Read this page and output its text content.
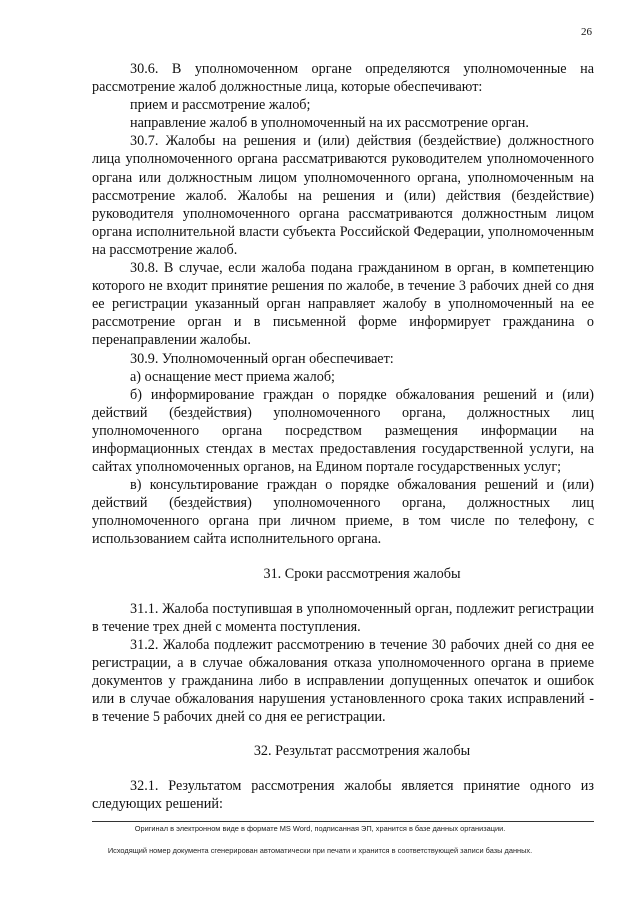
26

30.6. В уполномоченном органе определяются уполномоченные на рассмотрение жалоб должностные лица, которые обеспечивают:

прием и рассмотрение жалоб;

направление жалоб в уполномоченный на их рассмотрение орган.

30.7. Жалобы на решения и (или) действия (бездействие) должностного лица уполномоченного органа рассматриваются руководителем уполномоченного органа или должностным лицом уполномоченного органа, уполномоченным на рассмотрение жалоб. Жалобы на решения и (или) действия (бездействие) руководителя уполномоченного органа рассматриваются должностным лицом органа исполнительной власти субъекта Российской Федерации, уполномоченным на рассмотрение жалоб.

30.8. В случае, если жалоба подана гражданином в орган, в компетенцию которого не входит принятие решения по жалобе, в течение 3 рабочих дней со дня ее регистрации указанный орган направляет жалобу в уполномоченный на ее рассмотрение орган и в письменной форме информирует гражданина о перенаправлении жалобы.

30.9. Уполномоченный орган обеспечивает:

а) оснащение мест приема жалоб;

б) информирование граждан о порядке обжалования решений и (или) действий (бездействия) уполномоченного органа, должностных лиц уполномоченного органа посредством размещения информации на информационных стендах в местах предоставления государственной услуги, на сайтах уполномоченных органов, на Едином портале государственных услуг;

в) консультирование граждан о порядке обжалования решений и (или) действий (бездействия) уполномоченного органа, должностных лиц уполномоченного органа при личном приеме, в том числе по телефону, с использованием сайта исполнительного органа.

31. Сроки рассмотрения жалобы

31.1. Жалоба поступившая в уполномоченный орган, подлежит регистрации в течение трех дней с момента поступления.

31.2. Жалоба подлежит рассмотрению в течение 30 рабочих дней со дня ее регистрации, а в случае обжалования отказа уполномоченного органа в приеме документов у гражданина либо в исправлении допущенных опечаток и ошибок или в случае обжалования нарушения установленного срока таких исправлений - в течение 5 рабочих дней со дня ее регистрации.

32. Результат рассмотрения жалобы

32.1. Результатом рассмотрения жалобы является принятие одного из следующих решений:

Оригинал в электронном виде в формате MS Word, подписанная ЭП, хранится в базе данных организации.
Исходящий номер документа сгенерирован автоматически при печати и хранится в соответствующей записи базы данных.
